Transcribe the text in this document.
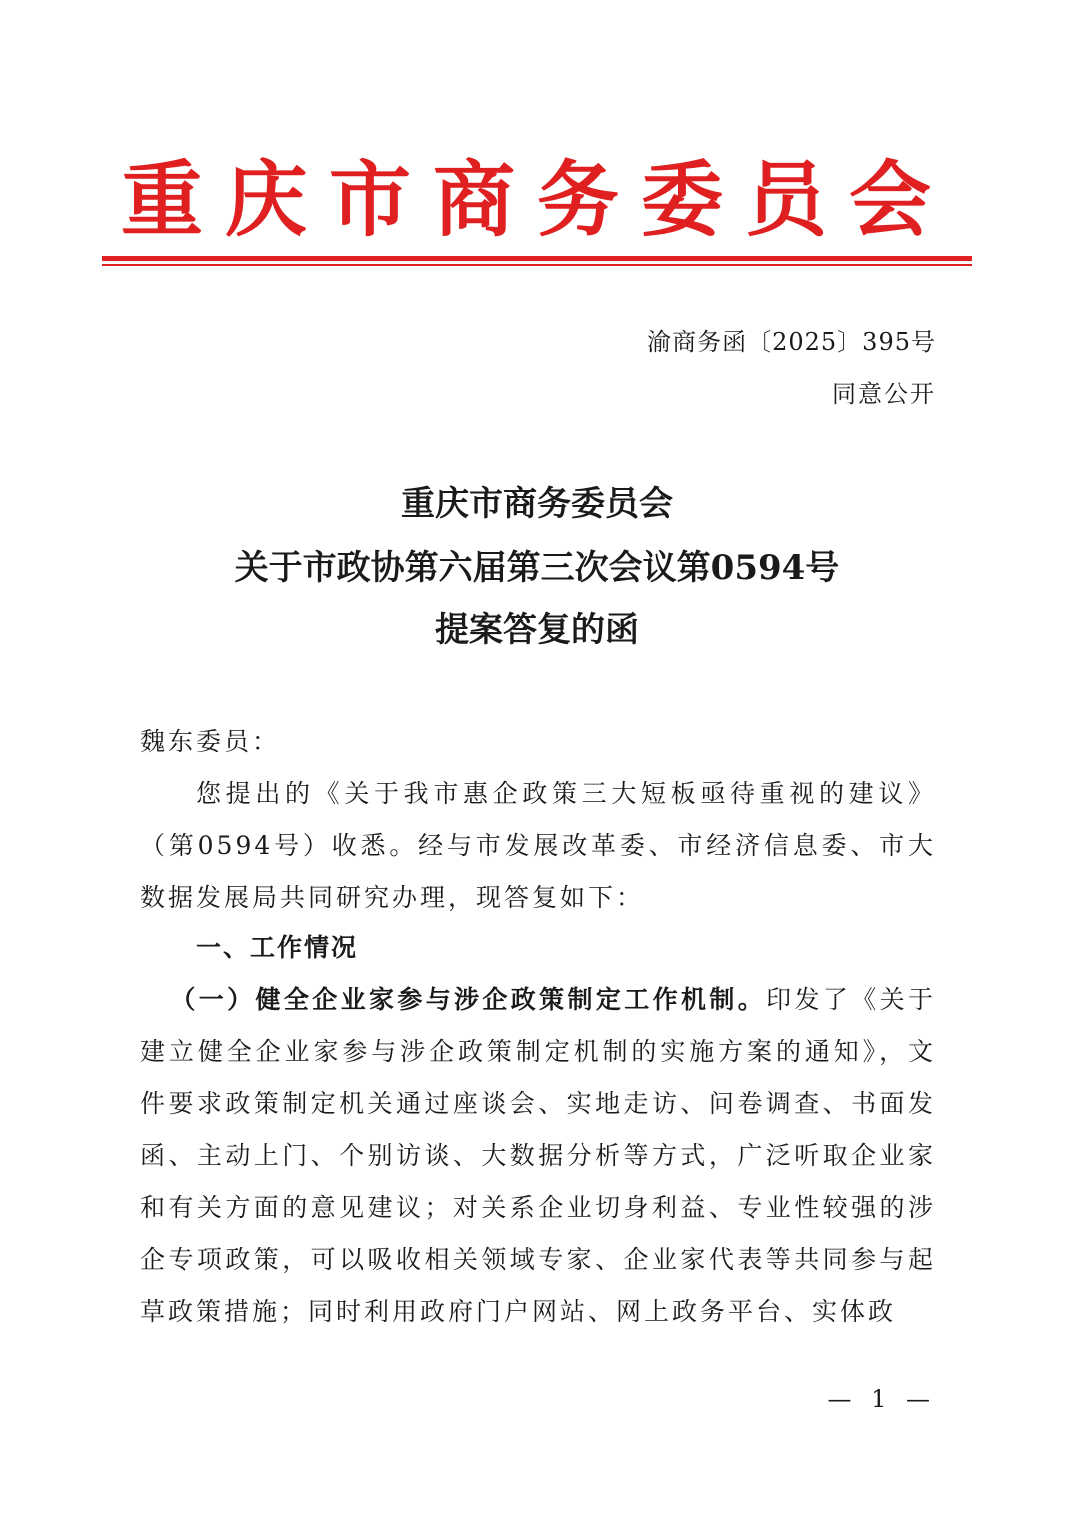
重庆市商务委员会
渝商务函〔2025〕395号
同意公开
重庆市商务委员会
关于市政协第六届第三次会议第0594号
提案答复的函
魏东委员：
您提出的《关于我市惠企政策三大短板亟待重视的建议》（第0594号）收悉。经与市发展改革委、市经济信息委、市大数据发展局共同研究办理，现答复如下：
一、工作情况
（一）健全企业家参与涉企政策制定工作机制。印发了《关于建立健全企业家参与涉企政策制定机制的实施方案的通知》，文件要求政策制定机关通过座谈会、实地走访、问卷调查、书面发函、主动上门、个别访谈、大数据分析等方式，广泛听取企业家和有关方面的意见建议；对关系企业切身利益、专业性较强的涉企专项政策，可以吸收相关领域专家、企业家代表等共同参与起草政策措施；同时利用政府门户网站、网上政务平台、实体政
— 1 —
